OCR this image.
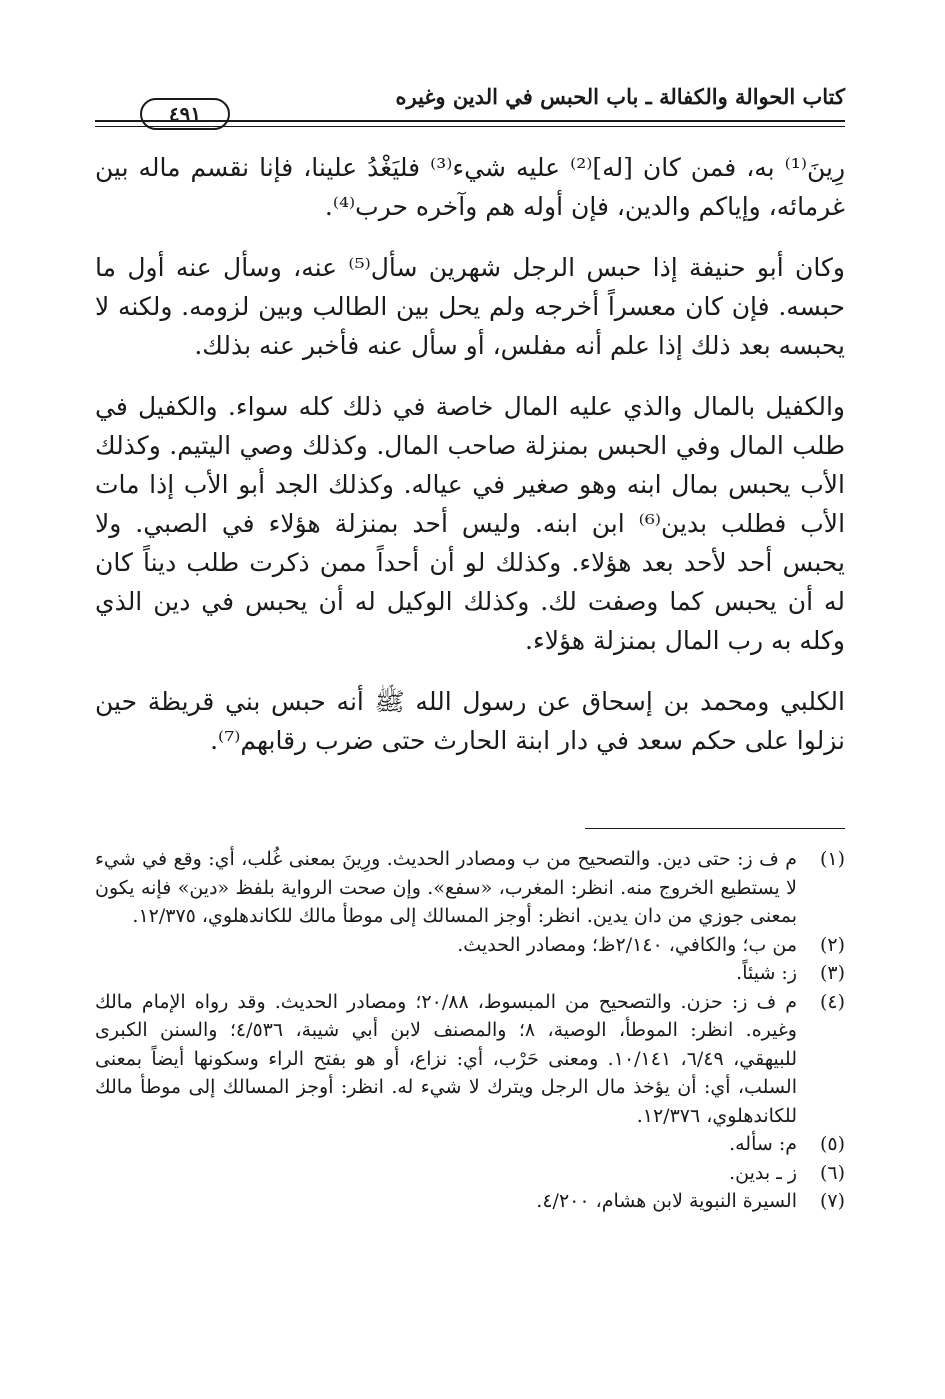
كتاب الحوالة والكفالة ـ باب الحبس في الدين وغيره
٤٩١

رِينَ⁽¹⁾ به، فمن كان [له]⁽²⁾ عليه شيء⁽³⁾ فليَغْدُ علينا، فإنا نقسم ماله بين غرمائه، وإياكم والدين، فإن أوله هم وآخره حرب⁽⁴⁾.

وكان أبو حنيفة إذا حبس الرجل شهرين سأل⁽⁵⁾ عنه، وسأل عنه أول ما حبسه. فإن كان معسراً أخرجه ولم يحل بين الطالب وبين لزومه. ولكنه لا يحبسه بعد ذلك إذا علم أنه مفلس، أو سأل عنه فأخبر عنه بذلك.

والكفيل بالمال والذي عليه المال خاصة في ذلك كله سواء. والكفيل في طلب المال وفي الحبس بمنزلة صاحب المال. وكذلك وصي اليتيم. وكذلك الأب يحبس بمال ابنه وهو صغير في عياله. وكذلك الجد أبو الأب إذا مات الأب فطلب بدين⁽⁶⁾ ابن ابنه. وليس أحد بمنزلة هؤلاء في الصبي. ولا يحبس أحد لأحد بعد هؤلاء. وكذلك لو أن أحداً ممن ذكرت طلب ديناً كان له أن يحبس كما وصفت لك. وكذلك الوكيل له أن يحبس في دين الذي وكله به رب المال بمنزلة هؤلاء.

الكلبي ومحمد بن إسحاق عن رسول الله ﷺ أنه حبس بني قريظة حين نزلوا على حكم سعد في دار ابنة الحارث حتى ضرب رقابهم⁽⁷⁾.

(١)
م ف ز: حتى دين. والتصحيح من ب ومصادر الحديث. ورِينَ بمعنى غُلب، أي: وقع في شيء لا يستطيع الخروج منه. انظر: المغرب، «سفع». وإن صحت الرواية بلفظ «دين» فإنه يكون بمعنى جوزي من دان يدين. انظر: أوجز المسالك إلى موطأ مالك للكاندهلوي، ١٢/٣٧٥.
(٢)
من ب؛ والكافي، ٢/١٤٠ظ؛ ومصادر الحديث.
(٣)
ز: شيئاً.
(٤)
م ف ز: حزن. والتصحيح من المبسوط، ٢٠/٨٨؛ ومصادر الحديث. وقد رواه الإمام مالك وغيره. انظر: الموطأ، الوصية، ٨؛ والمصنف لابن أبي شيبة، ٤/٥٣٦؛ والسنن الكبرى للبيهقي، ٦/٤٩، ١٠/١٤١. ومعنى حَرْب، أي: نزاع، أو هو بفتح الراء وسكونها أيضاً بمعنى السلب، أي: أن يؤخذ مال الرجل ويترك لا شيء له. انظر: أوجز المسالك إلى موطأ مالك للكاندهلوي، ١٢/٣٧٦.
(٥)
م: سأله.
(٦)
ز ـ بدين.
(٧)
السيرة النبوية لابن هشام، ٤/٢٠٠.
